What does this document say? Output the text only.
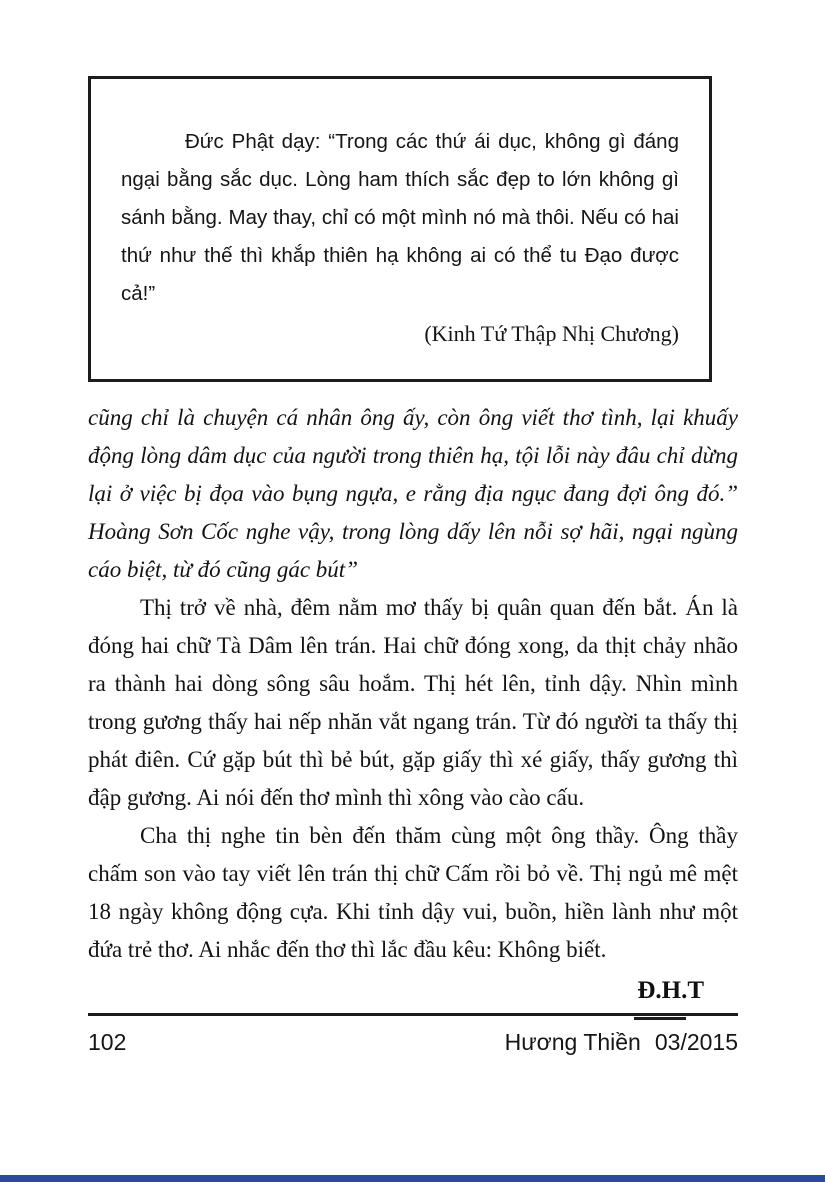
Đức Phật dạy: “Trong các thứ ái dục, không gì đáng ngại bằng sắc dục. Lòng ham thích sắc đẹp to lớn không gì sánh bằng. May thay, chỉ có một mình nó mà thôi. Nếu có hai thứ như thế thì khắp thiên hạ không ai có thể tu Đạo được cả!”
(Kinh Tứ Thập Nhị Chương)

cũng chỉ là chuyện cá nhân ông ấy, còn ông viết thơ tình, lại khuấy động lòng dâm dục của người trong thiên hạ, tội lỗi này đâu chỉ dừng lại ở việc bị đọa vào bụng ngựa, e rằng địa ngục đang đợi ông đó.” Hoàng Sơn Cốc nghe vậy, trong lòng dấy lên nỗi sợ hãi, ngại ngùng cáo biệt, từ đó cũng gác bút”

Thị trở về nhà, đêm nằm mơ thấy bị quân quan đến bắt. Án là đóng hai chữ Tà Dâm lên trán. Hai chữ đóng xong, da thịt chảy nhão ra thành hai dòng sông sâu hoắm. Thị hét lên, tỉnh dậy. Nhìn mình trong gương thấy hai nếp nhăn vắt ngang trán. Từ đó người ta thấy thị phát điên. Cứ gặp bút thì bẻ bút, gặp giấy thì xé giấy, thấy gương thì đập gương. Ai nói đến thơ mình thì xông vào cào cấu.

Cha thị nghe tin bèn đến thăm cùng một ông thầy. Ông thầy chấm son vào tay viết lên trán thị chữ Cấm rồi bỏ về. Thị ngủ mê mệt 18 ngày không động cựa. Khi tỉnh dậy vui, buồn, hiền lành như một đứa trẻ thơ. Ai nhắc đến thơ thì lắc đầu kêu: Không biết.

Đ.H.T
102	Hương Thiền 03/2015
